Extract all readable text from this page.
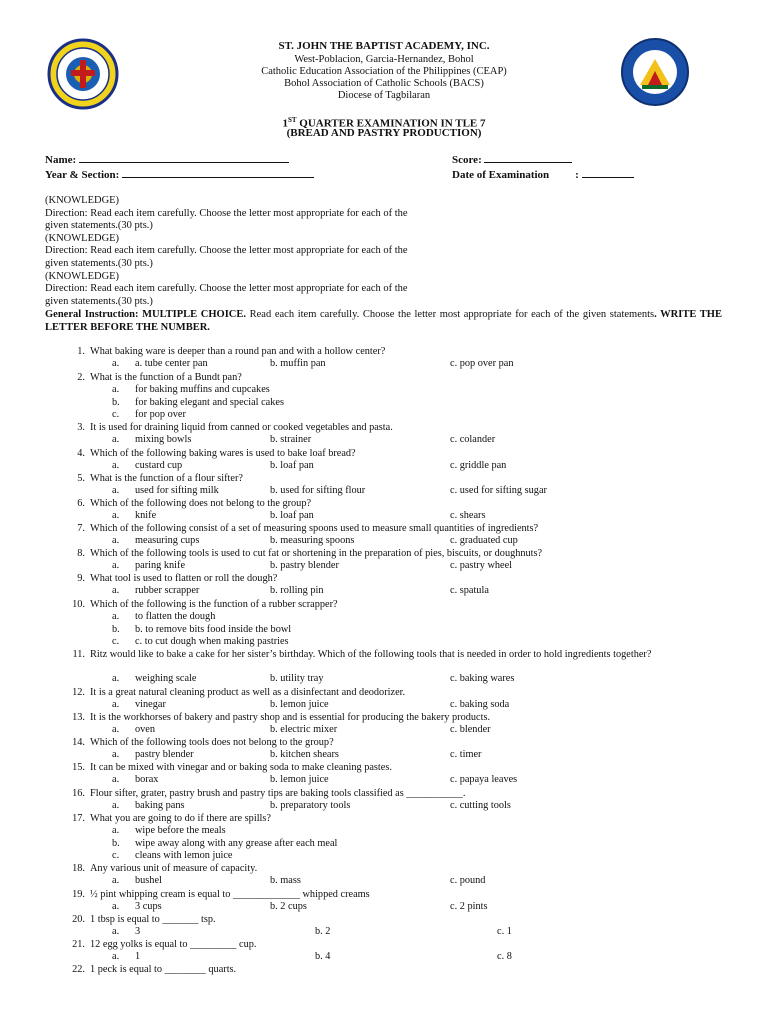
ST. JOHN THE BAPTIST ACADEMY, INC.
West-Poblacion, Garcia-Hernandez, Bohol
Catholic Education Association of the Philippines (CEAP)
Bohol Association of Catholic Schools (BACS)
Diocese of Tagbilaran
1ST QUARTER EXAMINATION IN TLE 7
(BREAD AND PASTRY PRODUCTION)
Name:	Score:
Year & Section:	Date of Examination :
(KNOWLEDGE)
Direction: Read each item carefully. Choose the letter most appropriate for each of the
given statements.(30 pts.)
(KNOWLEDGE)
Direction: Read each item carefully. Choose the letter most appropriate for each of the
given statements.(30 pts.)
(KNOWLEDGE)
Direction: Read each item carefully. Choose the letter most appropriate for each of the
given statements.(30 pts.)
General Instruction: MULTIPLE CHOICE. Read each item carefully. Choose the letter most appropriate for each of the given statements. WRITE THE LETTER BEFORE THE NUMBER.
1. What baking ware is deeper than a round pan and with a hollow center?
a. a. tube center pan	b. muffin pan	c. pop over pan
2. What is the function of a Bundt pan?
a. for baking muffins and cupcakes
b. for baking elegant and special cakes
c. for pop over
3. It is used for draining liquid from canned or cooked vegetables and pasta.
a. mixing bowls	b. strainer	c. colander
4. Which of the following baking wares is used to bake loaf bread?
a. custard cup	b. loaf pan	c. griddle pan
5. What is the function of a flour sifter?
a. used for sifting milk	b. used for sifting flour	c. used for sifting sugar
6. Which of the following does not belong to the group?
a. knife	b. loaf pan	c. shears
7. Which of the following consist of a set of measuring spoons used to measure small quantities of ingredients?
a. measuring cups	b. measuring spoons	c. graduated cup
8. Which of the following tools is used to cut fat or shortening in the preparation of pies, biscuits, or doughnuts?
a. paring knife	b. pastry blender	c. pastry wheel
9. What tool is used to flatten or roll the dough?
a. rubber scrapper	b. rolling pin	c. spatula
10. Which of the following is the function of a rubber scrapper?
a. to flatten the dough
b. b. to remove bits food inside the bowl
c. c. to cut dough when making pastries
11. Ritz would like to bake a cake for her sister’s birthday. Which of the following tools that is needed in order to hold ingredients together?
a. weighing scale	b. utility tray	c. baking wares
12. It is a great natural cleaning product as well as a disinfectant and deodorizer.
a. vinegar	b. lemon juice	c. baking soda
13. It is the workhorses of bakery and pastry shop and is essential for producing the bakery products.
a. oven	b. electric mixer	c. blender
14. Which of the following tools does not belong to the group?
a. pastry blender	b. kitchen shears	c. timer
15. It can be mixed with vinegar and or baking soda to make cleaning pastes.
a. borax	b. lemon juice	c. papaya leaves
16. Flour sifter, grater, pastry brush and pastry tips are baking tools classified as ___________.
a. baking pans	b. preparatory tools	c. cutting tools
17. What you are going to do if there are spills?
a. wipe before the meals
b. wipe away along with any grease after each meal
c. cleans with lemon juice
18. Any various unit of measure of capacity.
a. bushel	b. mass	c. pound
19. ½ pint whipping cream is equal to _____________ whipped creams
a. 3 cups	b. 2 cups	c. 2 pints
20. 1 tbsp is equal to _______ tsp.
a. 3	b. 2	c. 1
21. 12 egg yolks is equal to _________ cup.
a. 1	b. 4	c. 8
22. 1 peck is equal to ________ quarts.
